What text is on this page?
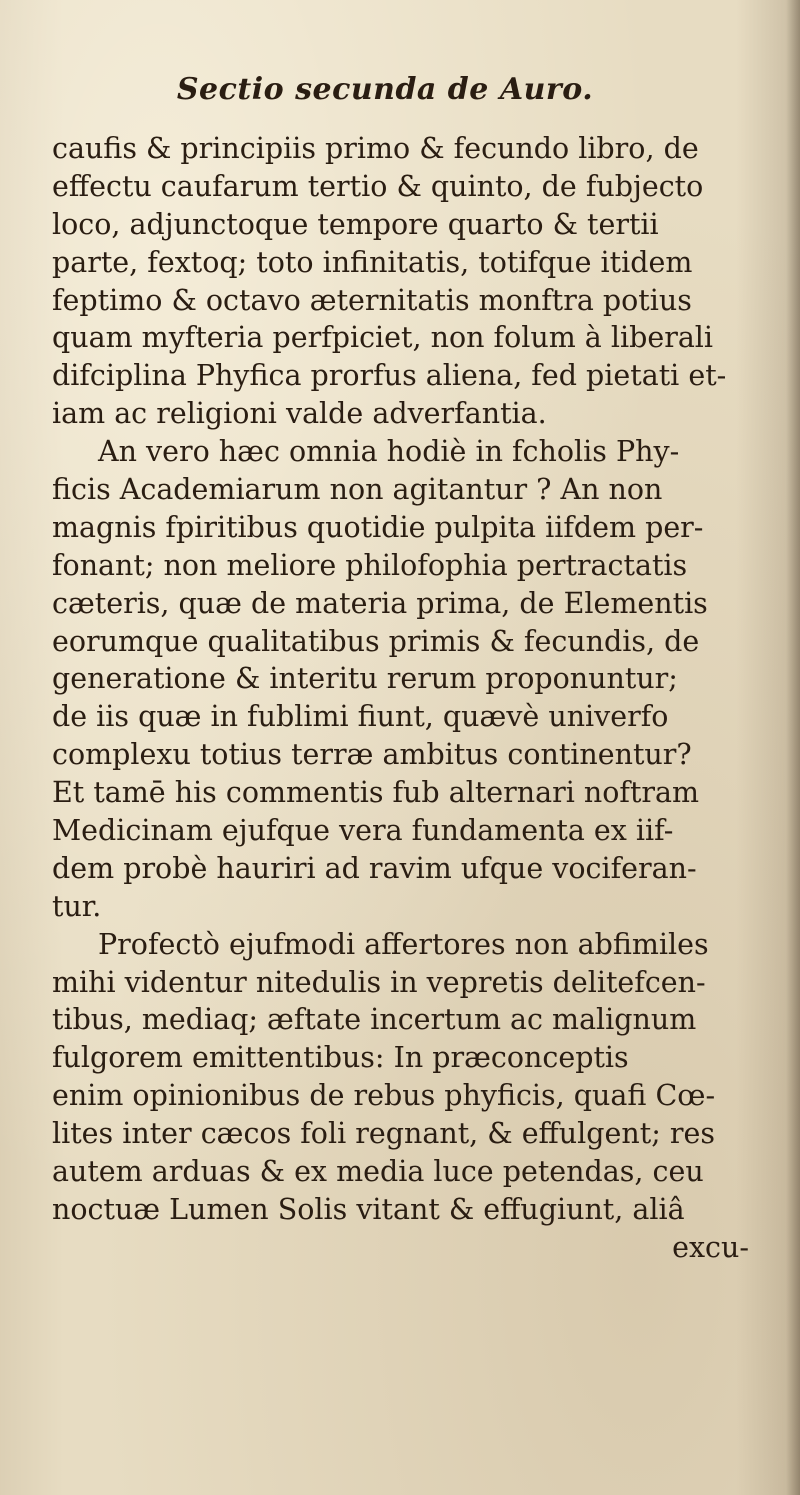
Sectio secunda de Auro.
caufis & principiis primo & fecundo libro, de
effectu caufarum tertio & quinto, de fubjecto
loco, adjunctoque tempore quarto & tertii
parte, fextoq; toto infinitatis, totifque itidem
feptimo & octavo æternitatis monftra potius
quam myfteria perfpiciet, non folum à liberali
difciplina Phyfica prorfus aliena, fed pietati et-
iam ac religioni valde adverfantia.
An vero hæc omnia hodiè in fcholis Phy-
ficis Academiarum non agitantur ? An non
magnis fpiritibus quotidie pulpita iifdem per-
fonant; non meliore philofophia pertractatis
cæteris, quæ de materia prima, de Elementis
eorumque qualitatibus primis & fecundis, de
generatione & interitu rerum proponuntur;
de iis quæ in fublimi fiunt, quævè univerfo
complexu totius terræ ambitus continentur?
Et tamē his commentis fub alternari noftram
Medicinam ejufque vera fundamenta ex iif-
dem probè hauriri ad ravim ufque vociferan-
tur.
Profectò ejufmodi affertores non abfimiles
mihi videntur nitedulis in vepretis delitefcen-
tibus, mediaq; æftate incertum ac malignum
fulgorem emittentibus: In præconceptis
enim opinionibus de rebus phyficis, quafi Cœ-
lites inter cæcos foli regnant, & effulgent; res
autem arduas & ex media luce petendas, ceu
noctuæ Lumen Solis vitant & effugiunt, aliâ
excu-
